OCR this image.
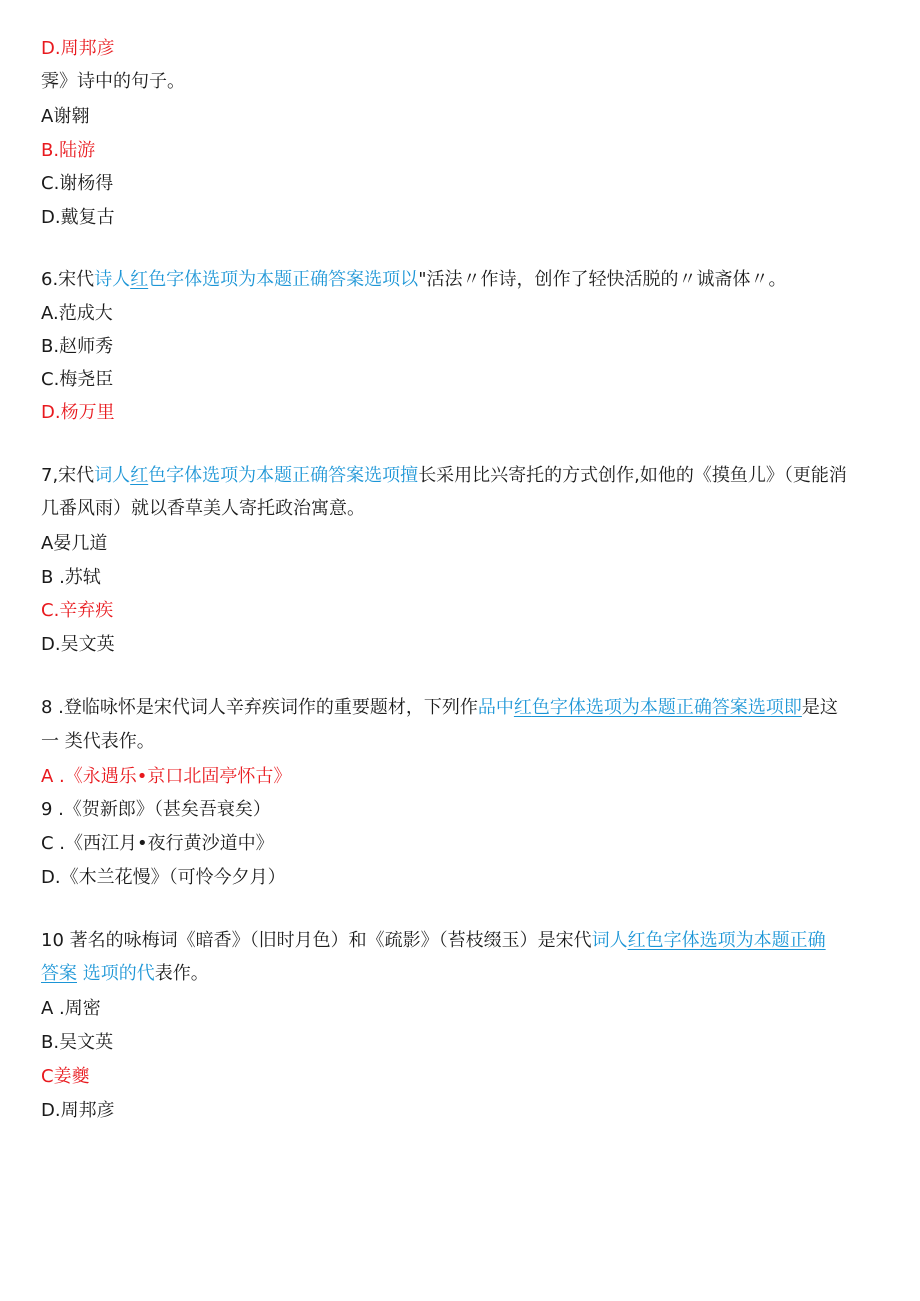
D.周邦彦
霁》诗中的句子。
A谢翱
B.陆游
C.谢杨得
D.戴复古
6.宋代诗人红色字体选项为本题正确答案选项以"活法〃作诗，创作了轻快活脱的〃诚斋体〃。
A.范成大
B.赵师秀
C.梅尧臣
D.杨万里
7,宋代词人红色字体选项为本题正确答案选项擅长采用比兴寄托的方式创作,如他的《摸鱼儿》（更能消
几番风雨）就以香草美人寄托政治寓意。
A晏几道
B .苏轼
C.辛弃疾
D.吴文英
8 .登临咏怀是宋代词人辛弃疾词作的重要题材，下列作品中红色字体选项为本题正确答案选项即是这
一 类代表作。
A .《永遇乐•京口北固亭怀古》
9 .《贺新郎》（甚矣吾衰矣）
C .《西江月•夜行黄沙道中》
D.《木兰花慢》（可怜今夕月）
10 著名的咏梅词《暗香》（旧时月色）和《疏影》（苔枝缀玉）是宋代词人红色字体选项为本题正确
答案 选项的代表作。
A .周密
B.吴文英
C姜夔
D.周邦彦
